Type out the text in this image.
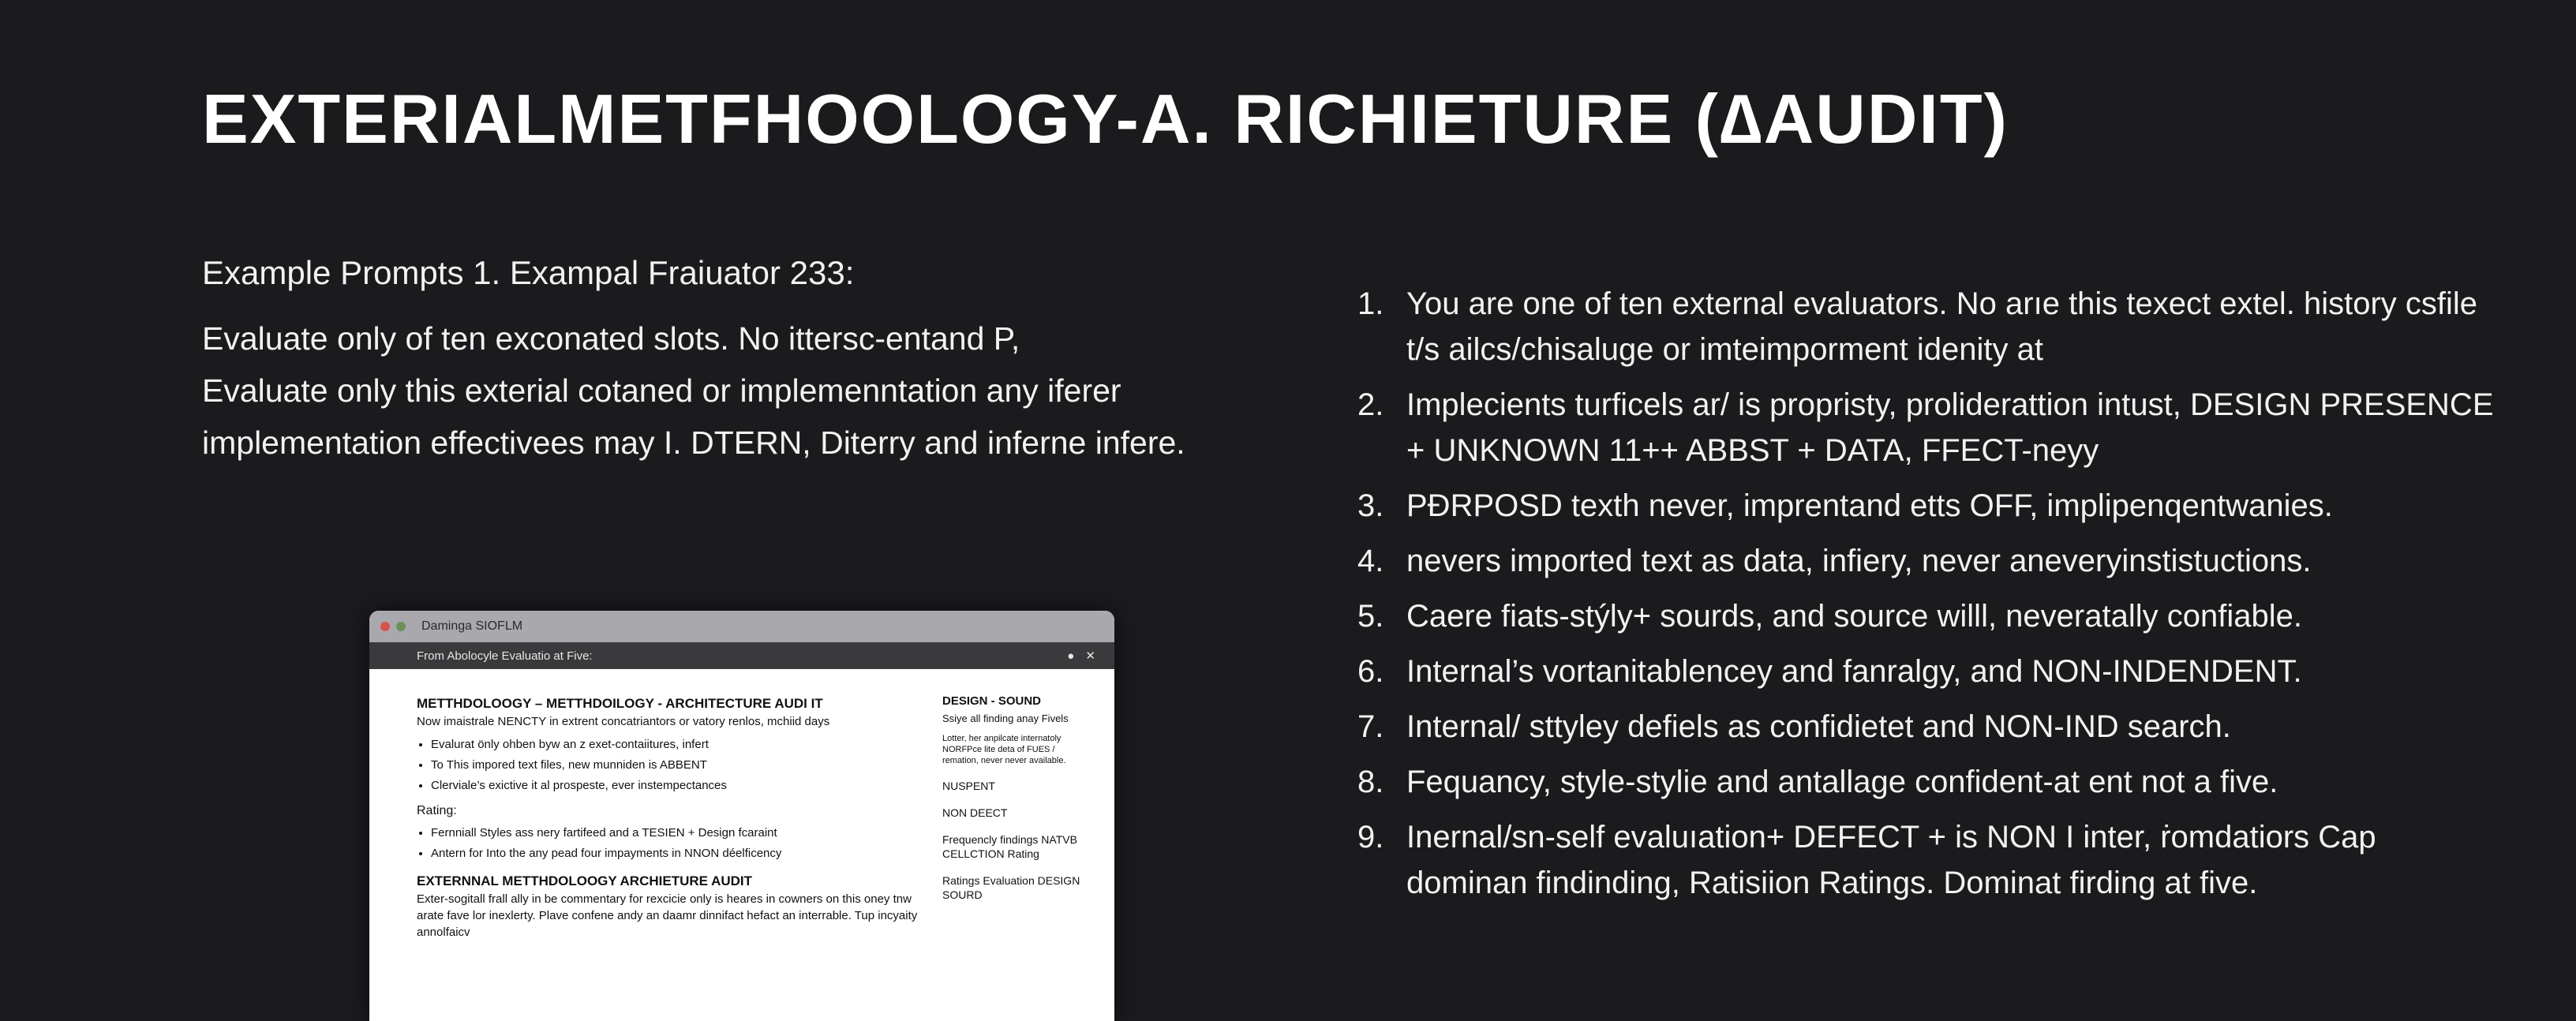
EXTERIALMETFHOOLOGY-A. RICHIETURE (∆AUDIT)
Example Prompts 1. Exampal Fraiuator 233:

Evaluate only of ten exconated slots. No ittersc-entand P,

Evaluate only this exterial cotaned or implemenntation any iferer implementation effectivees may I. DTERN, Diterry and inferne infere.

1. You are one of ten external evaluators. No arıe this texect extel. history csfile t/s ailcs/chisaluge or imteimporment idenity at
2. Implecients turficels ar/ is propristy, proliderattiоn intust, DESIGN PRESENCE + UNKNOWN 11++ ABBST + DATA, FFECT-neyy
3. PÐRPOSD texth never, imprentand etts OFF, implipenqentwanies.
4. nevers imported text as data, infiery, never aneveryinstistuctions.
5. Caere fiats-stýly+ sourds, and source willl, neveratally confiable.
6. Internal’s vortanitablencey and fanralgy, and NON-INDENDENT.
7. Internal/ sttyley defiels as confidietet and NON-IND search.
8. Fequancy, style-stylie and antallage confident-at ent not a five.
9. Inernal/sn-self evaluıation+ DEFECT + is NON I inter, ṙomdatiors Cap dominan findinding, Ratisiion Ratings. Dominat firding at five.
Daminga SIOFLM
From Abolocyle Evaluatio at Five:	● ✕
METTHDOLOOGY – METTHDOILOGY - ARCHITECTURE AUDI IT

Now imaistrale NENCTY in extrent concatriantors or vatory renlos, mchiid days

• Evalurat önly ohben byw an z exet-contaiitures, infert
• To This impored text files, new munniden is ABBENT
• Clerviale’s exictive it al prospeste, ever instempectances
Rating:
• Fernniall Styles ass nery fartifeed and a TESIEN + Design fcaraint
• Antern for Into the any pead four impayments in NNON déelficency
EXTERNNAL METTHDOLOOGY ARCHIETURE AUDIT

Exter-sogitall frall ally in be commentary for rexcicie only is heares in cowners on this oney tnw arate fave lor inexlerty. Plave confene andy an daamr dinnifact hefact an interrable. Tup incyaity annolfaicv

DESIGN - SOUND

Ssiye all finding anay Fivels

Lotter, her anpilcate internatoly NORFPce lite deta of FUES / remation, never never available.

NUSPENT

NON DEECT

Frequencly findings NATVB CELLCTION Rating

Ratings Evaluation DESIGN SOURD
